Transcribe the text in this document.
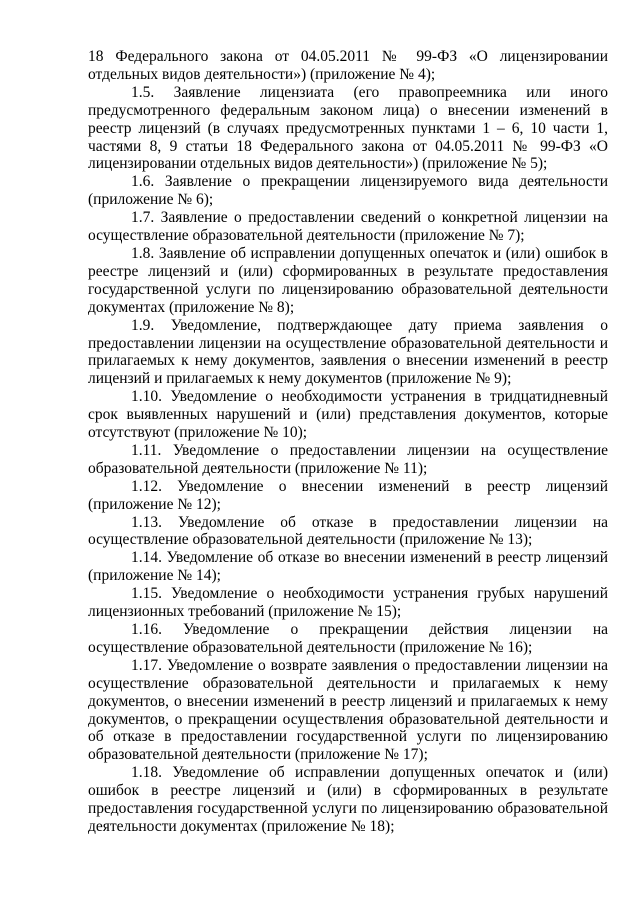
18 Федерального закона от 04.05.2011 № 99-ФЗ «О лицензировании отдельных видов деятельности») (приложение № 4);

1.5. Заявление лицензиата (его правопреемника или иного предусмотренного федеральным законом лица) о внесении изменений в реестр лицензий (в случаях предусмотренных пунктами 1 – 6, 10 части 1, частями 8, 9 статьи 18 Федерального закона от 04.05.2011 № 99-ФЗ «О лицензировании отдельных видов деятельности») (приложение № 5);

1.6. Заявление о прекращении лицензируемого вида деятельности (приложение № 6);

1.7. Заявление о предоставлении сведений о конкретной лицензии на осуществление образовательной деятельности (приложение № 7);

1.8. Заявление об исправлении допущенных опечаток и (или) ошибок в реестре лицензий и (или) сформированных в результате предоставления государственной услуги по лицензированию образовательной деятельности документах (приложение № 8);

1.9. Уведомление, подтверждающее дату приема заявления о предоставлении лицензии на осуществление образовательной деятельности и прилагаемых к нему документов, заявления о внесении изменений в реестр лицензий и прилагаемых к нему документов (приложение № 9);

1.10. Уведомление о необходимости устранения в тридцатидневный срок выявленных нарушений и (или) представления документов, которые отсутствуют (приложение № 10);

1.11. Уведомление о предоставлении лицензии на осуществление образовательной деятельности (приложение № 11);

1.12. Уведомление о внесении изменений в реестр лицензий (приложение № 12);

1.13. Уведомление об отказе в предоставлении лицензии на осуществление образовательной деятельности (приложение № 13);

1.14. Уведомление об отказе во внесении изменений в реестр лицензий (приложение № 14);

1.15. Уведомление о необходимости устранения грубых нарушений лицензионных требований (приложение № 15);

1.16. Уведомление о прекращении действия лицензии на осуществление образовательной деятельности (приложение № 16);

1.17. Уведомление о возврате заявления о предоставлении лицензии на осуществление образовательной деятельности и прилагаемых к нему документов, о внесении изменений в реестр лицензий и прилагаемых к нему документов, о прекращении осуществления образовательной деятельности и об отказе в предоставлении государственной услуги по лицензированию образовательной деятельности (приложение № 17);

1.18. Уведомление об исправлении допущенных опечаток и (или) ошибок в реестре лицензий и (или) в сформированных в результате предоставления государственной услуги по лицензированию образовательной деятельности документах (приложение № 18);
